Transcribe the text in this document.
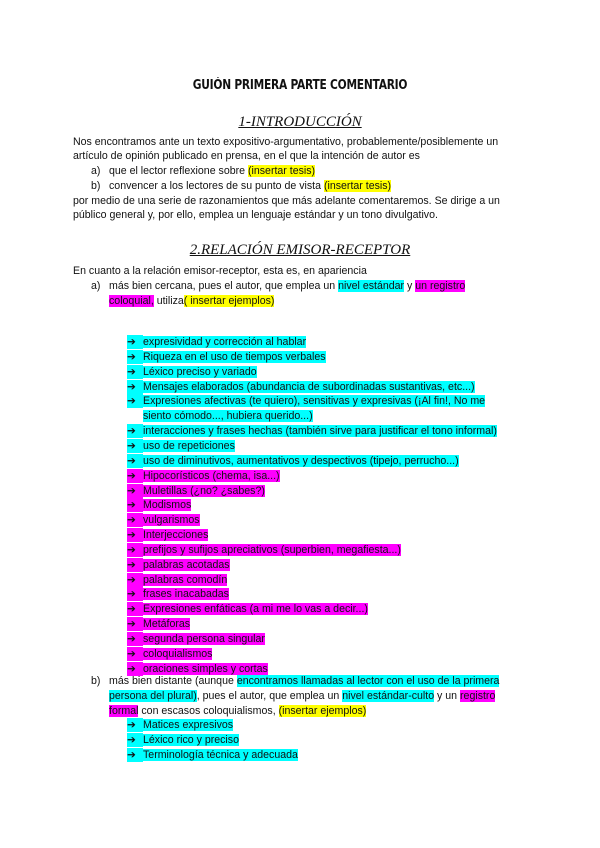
GUIÓN PRIMERA PARTE COMENTARIO
1-INTRODUCCIÓN
Nos encontramos ante un texto expositivo-argumentativo, probablemente/posiblemente un
artículo de opinión publicado en prensa, en el que la intención de autor es
a) que el lector reflexione sobre (insertar tesis)
b) convencer a los lectores de su punto de vista (insertar tesis)
por medio de una serie de razonamientos que más adelante comentaremos. Se dirige a un
público general y, por ello, emplea un lenguaje estándar y un tono divulgativo.
2.RELACIÓN EMISOR-RECEPTOR
En cuanto a la relación emisor-receptor, esta es, en apariencia
a) más bien cercana, pues el autor, que emplea un nivel estándar y un registro
coloquial, utiliza( insertar ejemplos)
➔ expresividad y corrección al hablar
➔ Riqueza en el uso de tiempos verbales
➔ Léxico preciso y variado
➔ Mensajes elaborados (abundancia de subordinadas sustantivas, etc...)
➔ Expresiones afectivas (te quiero), sensitivas y expresivas (¡Al fin!, No me
siento cómodo..., hubiera querido...)
➔ interacciones y frases hechas (también sirve para justificar el tono informal)
➔ uso de repeticiones
➔ uso de diminutivos, aumentativos y despectivos (tipejo, perrucho...)
➔ Hipocorísticos (chema, isa...)
➔ Muletillas (¿no? ¿sabes?)
➔ Modismos
➔ vulgarismos
➔ Interjecciones
➔ prefijos y sufijos apreciativos (superbien, megafiesta...)
➔ palabras acotadas
➔ palabras comodín
➔ frases inacabadas
➔ Expresiones enfáticas (a mi me lo vas a decir...)
➔ Metáforas
➔ segunda persona singular
➔ coloquialismos
➔ oraciones simples y cortas
b) más bien distante (aunque encontramos llamadas al lector con el uso de la primera
persona del plural), pues el autor, que emplea un nivel estándar-culto y un registro
formal con escasos coloquialismos, (insertar ejemplos)
➔ Matices expresivos
➔ Léxico rico y preciso
➔ Terminología técnica y adecuada
